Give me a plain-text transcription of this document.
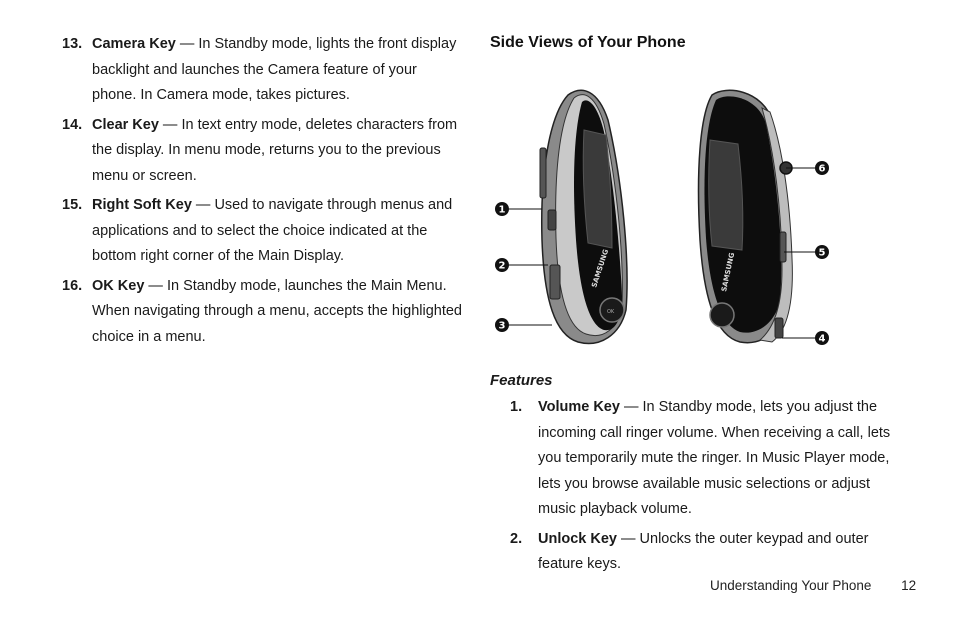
13. Camera Key — In Standby mode, lights the front display backlight and launches the Camera feature of your phone. In Camera mode, takes pictures.
14. Clear Key — In text entry mode, deletes characters from the display. In menu mode, returns you to the previous menu or screen.
15. Right Soft Key — Used to navigate through menus and applications and to select the choice indicated at the bottom right corner of the Main Display.
16. OK Key — In Standby mode, launches the Main Menu. When navigating through a menu, accepts the highlighted choice in a menu.
Side Views of Your Phone
SAMSUNG
OK
SAMSUNG
1
2
3
4
5
6
Features
1.	Volume Key — In Standby mode, lets you adjust the incoming call ringer volume. When receiving a call, lets you temporarily mute the ringer. In Music Player mode, lets you browse available music selections or adjust music playback volume.
2.	Unlock Key — Unlocks the outer keypad and outer feature keys.
Understanding Your Phone 12
